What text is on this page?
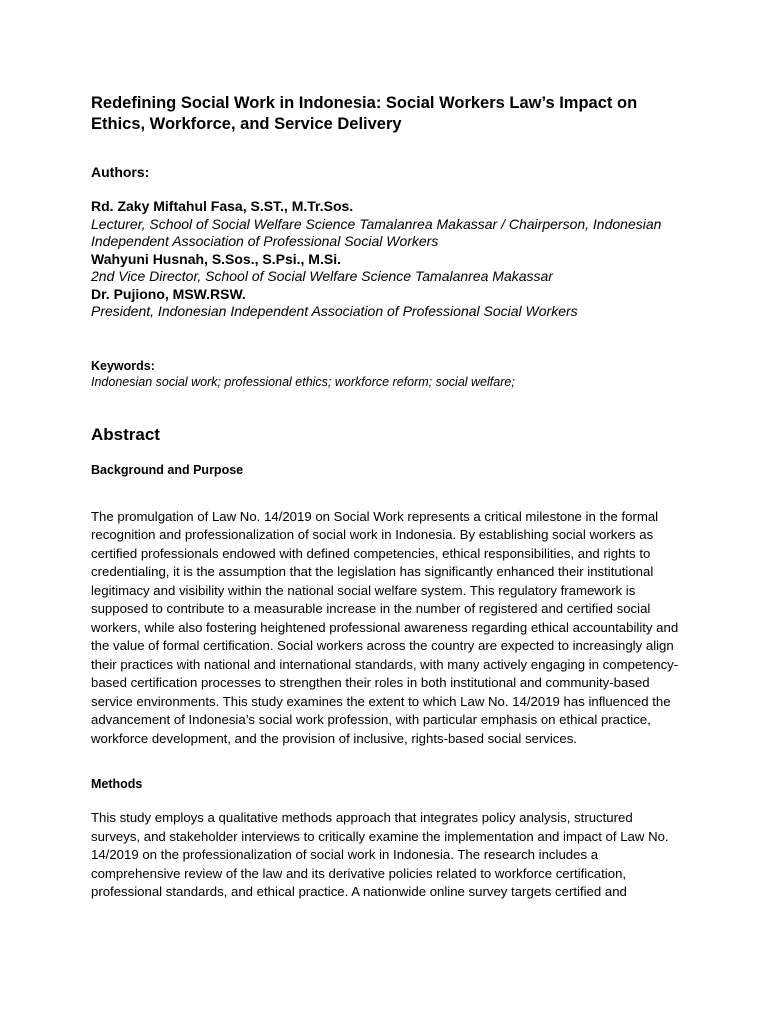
Redefining Social Work in Indonesia: Social Workers Law’s Impact on Ethics, Workforce, and Service Delivery
Authors:
Rd. Zaky Miftahul Fasa, S.ST., M.Tr.Sos.
Lecturer, School of Social Welfare Science Tamalanrea Makassar / Chairperson, Indonesian Independent Association of Professional Social Workers
Wahyuni Husnah, S.Sos., S.Psi., M.Si.
2nd Vice Director, School of Social Welfare Science Tamalanrea Makassar
Dr. Pujiono, MSW.RSW.
President, Indonesian Independent Association of Professional Social Workers
Keywords:
Indonesian social work; professional ethics; workforce reform; social welfare;
Abstract
Background and Purpose

The promulgation of Law No. 14/2019 on Social Work represents a critical milestone in the formal recognition and professionalization of social work in Indonesia. By establishing social workers as certified professionals endowed with defined competencies, ethical responsibilities, and rights to credentialing, it is the assumption that the legislation has significantly enhanced their institutional legitimacy and visibility within the national social welfare system. This regulatory framework is supposed to contribute to a measurable increase in the number of registered and certified social workers, while also fostering heightened professional awareness regarding ethical accountability and the value of formal certification. Social workers across the country are expected to increasingly align their practices with national and international standards, with many actively engaging in competency-based certification processes to strengthen their roles in both institutional and community-based service environments. This study examines the extent to which Law No. 14/2019 has influenced the advancement of Indonesia’s social work profession, with particular emphasis on ethical practice, workforce development, and the provision of inclusive, rights-based social services.

Methods

This study employs a qualitative methods approach that integrates policy analysis, structured surveys, and stakeholder interviews to critically examine the implementation and impact of Law No. 14/2019 on the professionalization of social work in Indonesia. The research includes a comprehensive review of the law and its derivative policies related to workforce certification, professional standards, and ethical practice. A nationwide online survey targets certified and
